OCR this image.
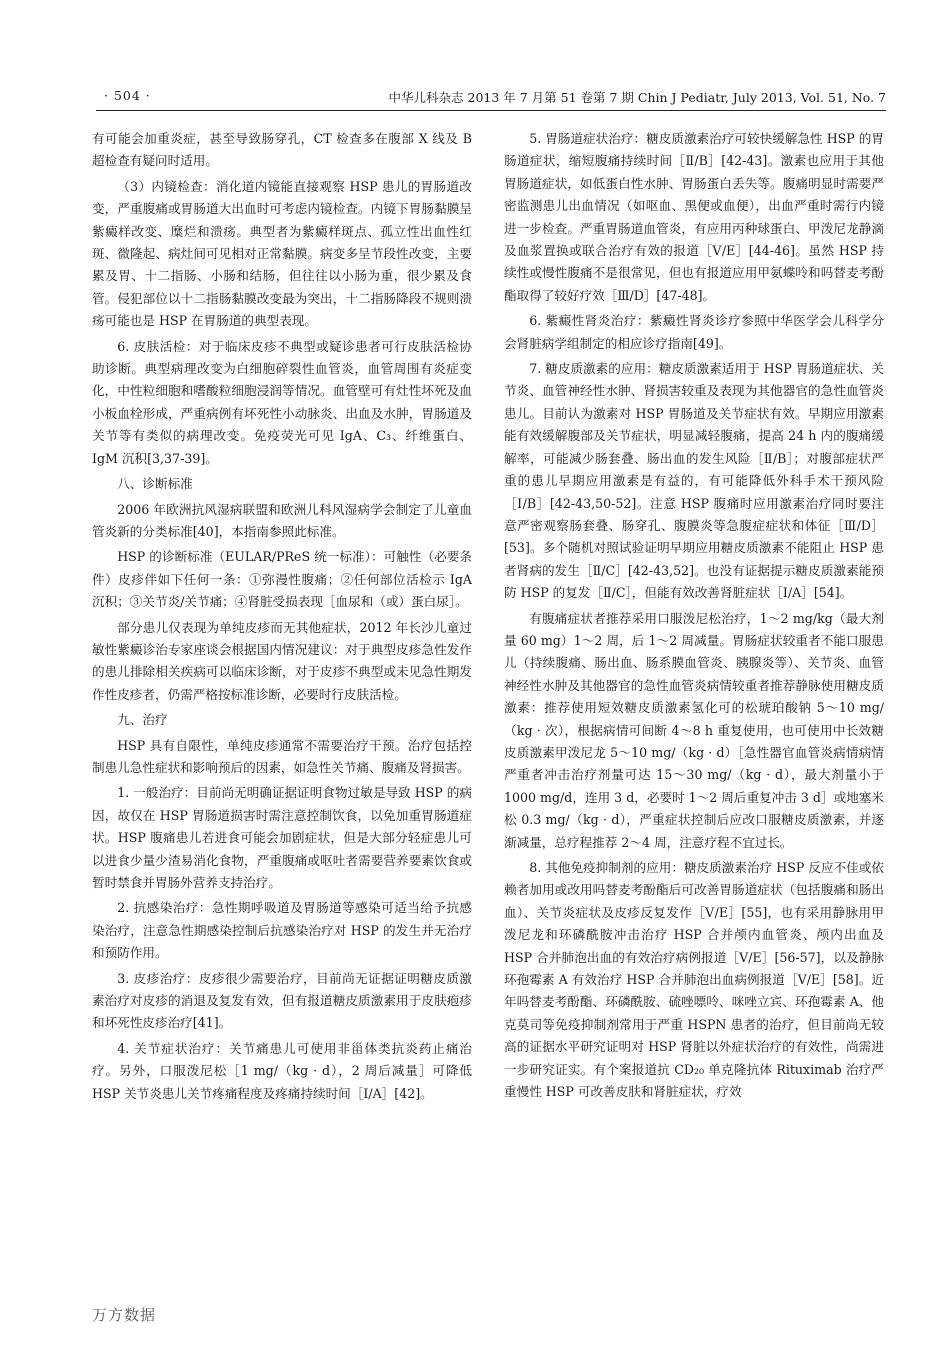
· 504 ·	中华儿科杂志 2013 年 7 月第 51 卷第 7 期 Chin J Pediatr, July 2013, Vol. 51, No. 7

有可能会加重炎症，甚至导致肠穿孔，CT 检查多在腹部 X 线及 B 超检查有疑问时适用。

（3）内镜检查：消化道内镜能直接观察 HSP 患儿的胃肠道改变，严重腹痛或胃肠道大出血时可考虑内镜检查。内镜下胃肠黏膜呈紫癜样改变、糜烂和溃疡。典型者为紫癜样斑点、孤立性出血性红斑、微隆起、病灶间可见相对正常黏膜。病变多呈节段性改变，主要累及胃、十二指肠、小肠和结肠，但往往以小肠为重，很少累及食管。侵犯部位以十二指肠黏膜改变最为突出，十二指肠降段不规则溃疡可能也是 HSP 在胃肠道的典型表现。

6. 皮肤活检：对于临床皮疹不典型或疑诊患者可行皮肤活检协助诊断。典型病理改变为白细胞碎裂性血管炎，血管周围有炎症变化，中性粒细胞和嗜酸粒细胞浸润等情况。血管壁可有灶性坏死及血小板血栓形成，严重病例有坏死性小动脉炎、出血及水肿，胃肠道及关节等有类似的病理改变。免疫荧光可见 IgA、C₃、纤维蛋白、IgM 沉积[3,37-39]。

八、诊断标准

2006 年欧洲抗风湿病联盟和欧洲儿科风湿病学会制定了儿童血管炎新的分类标准[40]，本指南参照此标准。

HSP 的诊断标准（EULAR/PReS 统一标准）：可触性（必要条件）皮疹伴如下任何一条：①弥漫性腹痛；②任何部位活检示 IgA 沉积；③关节炎/关节痛；④肾脏受损表现［血尿和（或）蛋白尿］。

部分患儿仅表现为单纯皮疹而无其他症状，2012 年长沙儿童过敏性紫癜诊治专家座谈会根据国内情况建议：对于典型皮疹急性发作的患儿排除相关疾病可以临床诊断，对于皮疹不典型或未见急性期发作性皮疹者，仍需严格按标准诊断，必要时行皮肤活检。

九、治疗

HSP 具有自限性，单纯皮疹通常不需要治疗干预。治疗包括控制患儿急性症状和影响预后的因素，如急性关节痛、腹痛及肾损害。

1. 一般治疗：目前尚无明确证据证明食物过敏是导致 HSP 的病因，故仅在 HSP 胃肠道损害时需注意控制饮食，以免加重胃肠道症状。HSP 腹痛患儿若进食可能会加剧症状，但是大部分轻症患儿可以进食少量少渣易消化食物，严重腹痛或呕吐者需要营养要素饮食或暂时禁食并胃肠外营养支持治疗。

2. 抗感染治疗：急性期呼吸道及胃肠道等感染可适当给予抗感染治疗，注意急性期感染控制后抗感染治疗对 HSP 的发生并无治疗和预防作用。

3. 皮疹治疗：皮疹很少需要治疗，目前尚无证据证明糖皮质激素治疗对皮疹的消退及复发有效，但有报道糖皮质激素用于皮肤疱疹和坏死性皮疹治疗[41]。

4. 关节症状治疗：关节痛患儿可使用非甾体类抗炎药止痛治疗。另外，口服泼尼松［1 mg/（kg · d），2 周后减量］可降低 HSP 关节炎患儿关节疼痛程度及疼痛持续时间［Ⅰ/A］[42]。

5. 胃肠道症状治疗：糖皮质激素治疗可较快缓解急性 HSP 的胃肠道症状，缩短腹痛持续时间［Ⅱ/B］[42-43]。激素也应用于其他胃肠道症状，如低蛋白性水肿、胃肠蛋白丢失等。腹痛明显时需要严密监测患儿出血情况（如呕血、黑便或血便），出血严重时需行内镜进一步检查。严重胃肠道血管炎，有应用丙种球蛋白、甲泼尼龙静滴及血浆置换或联合治疗有效的报道［Ⅴ/E］[44-46]。虽然 HSP 持续性或慢性腹痛不是很常见，但也有报道应用甲氨蝶呤和吗替麦考酚酯取得了较好疗效［Ⅲ/D］[47-48]。

6. 紫癜性肾炎治疗：紫癜性肾炎诊疗参照中华医学会儿科学分会肾脏病学组制定的相应诊疗指南[49]。

7. 糖皮质激素的应用：糖皮质激素适用于 HSP 胃肠道症状、关节炎、血管神经性水肿、肾损害较重及表现为其他器官的急性血管炎患儿。目前认为激素对 HSP 胃肠道及关节症状有效。早期应用激素能有效缓解腹部及关节症状，明显减轻腹痛，提高 24 h 内的腹痛缓解率，可能减少肠套叠、肠出血的发生风险［Ⅱ/B］；对腹部症状严重的患儿早期应用激素是有益的，有可能降低外科手术干预风险［Ⅰ/B］[42-43,50-52]。注意 HSP 腹痛时应用激素治疗同时要注意严密观察肠套叠、肠穿孔、腹膜炎等急腹症症状和体征［Ⅲ/D］[53]。多个随机对照试验证明早期应用糖皮质激素不能阻止 HSP 患者肾病的发生［Ⅱ/C］[42-43,52]。也没有证据提示糖皮质激素能预防 HSP 的复发［Ⅱ/C］，但能有效改善肾脏症状［Ⅰ/A］[54]。

有腹痛症状者推荐采用口服泼尼松治疗，1～2 mg/kg（最大剂量 60 mg）1～2 周，后 1～2 周减量。胃肠症状较重者不能口服患儿（持续腹痛、肠出血、肠系膜血管炎、胰腺炎等）、关节炎、血管神经性水肿及其他器官的急性血管炎病情较重者推荐静脉使用糖皮质激素：推荐使用短效糖皮质激素氢化可的松琥珀酸钠 5～10 mg/（kg · 次），根据病情可间断 4～8 h 重复使用，也可使用中长效糖皮质激素甲泼尼龙 5～10 mg/（kg · d）［急性器官血管炎病情病情严重者冲击治疗剂量可达 15～30 mg/（kg · d），最大剂量小于 1000 mg/d，连用 3 d，必要时 1～2 周后重复冲击 3 d］或地塞米松 0.3 mg/（kg · d），严重症状控制后应改口服糖皮质激素，并逐渐减量，总疗程推荐 2～4 周，注意疗程不宜过长。

8. 其他免疫抑制剂的应用：糖皮质激素治疗 HSP 反应不佳或依赖者加用或改用吗替麦考酚酯后可改善胃肠道症状（包括腹痛和肠出血）、关节炎症状及皮疹反复发作［Ⅴ/E］[55]，也有采用静脉用甲泼尼龙和环磷酰胺冲击治疗 HSP 合并颅内血管炎、颅内出血及 HSP 合并肺泡出血的有效治疗病例报道［Ⅴ/E］[56-57]，以及静脉环孢霉素 A 有效治疗 HSP 合并肺泡出血病例报道［Ⅴ/E］[58]。近年吗替麦考酚酯、环磷酰胺、硫唑嘌呤、咪唑立宾、环孢霉素 A、他克莫司等免疫抑制剂常用于严重 HSPN 患者的治疗，但目前尚无较高的证据水平研究证明对 HSP 肾脏以外症状治疗的有效性，尚需进一步研究证实。有个案报道抗 CD₂₀ 单克隆抗体 Rituximab 治疗严重慢性 HSP 可改善皮肤和肾脏症状，疗效

万方数据
